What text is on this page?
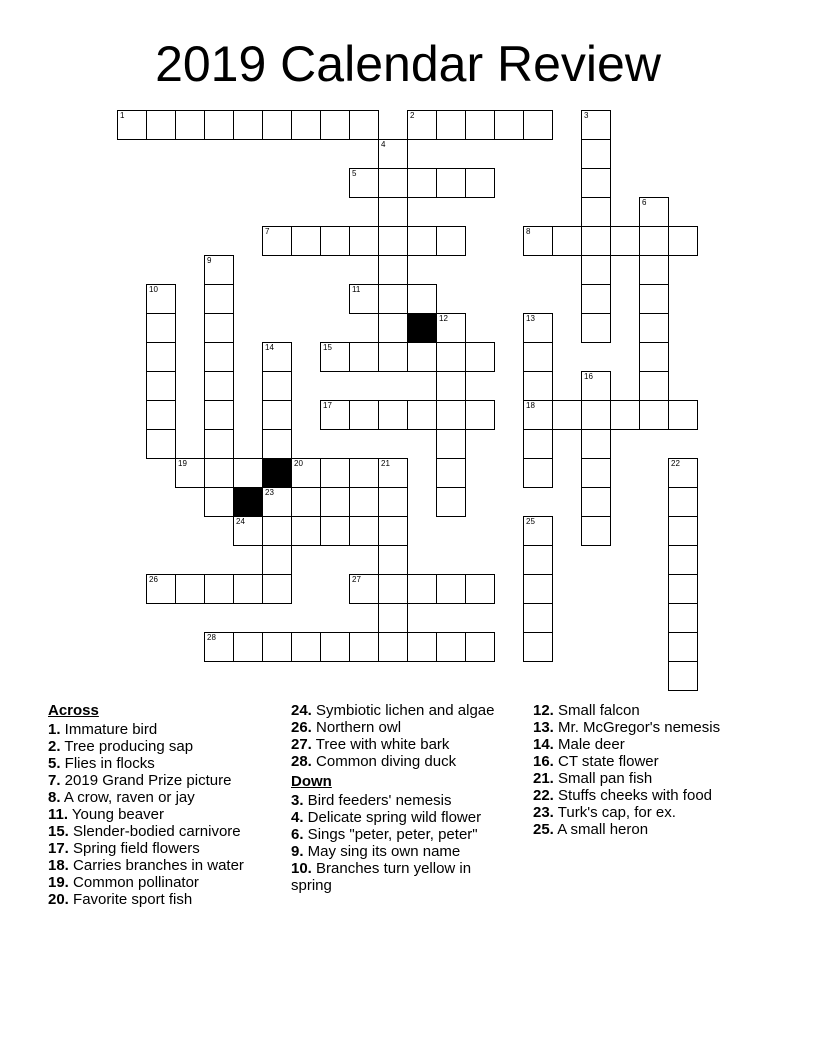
2019 Calendar Review
1	2	3
4
5
6
7	8
9
10	11
12	13
14	15
16
17	18
19	20	21	22
23
24	25
26	27
28
Across
1. Immature bird
2. Tree producing sap
5. Flies in flocks
7. 2019 Grand Prize picture
8. A crow, raven or jay
11. Young beaver
15. Slender-bodied carnivore
17. Spring field flowers
18. Carries branches in water
19. Common pollinator
20. Favorite sport fish
24. Symbiotic lichen and algae
26. Northern owl
27. Tree with white bark
28. Common diving duck
Down
3. Bird feeders' nemesis
4. Delicate spring wild flower
6. Sings "peter, peter, peter"
9. May sing its own name
10. Branches turn yellow in spring
12. Small falcon
13. Mr. McGregor's nemesis
14. Male deer
16. CT state flower
21. Small pan fish
22. Stuffs cheeks with food
23. Turk's cap, for ex.
25. A small heron
